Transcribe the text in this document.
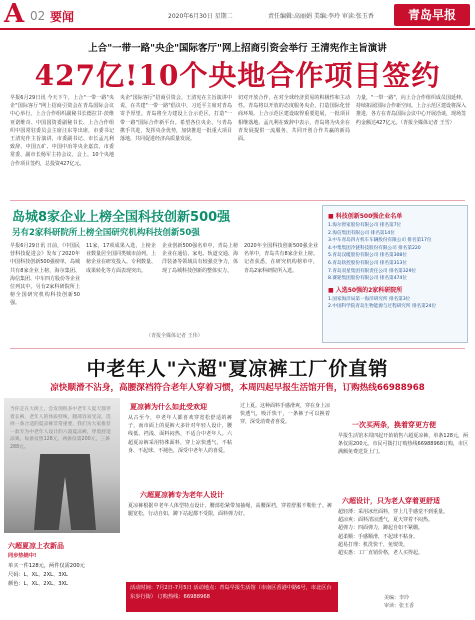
A 02 要闻	2020年6月30日 星期二	责任编辑:高丽娟 美编:李玲 审读:张玉香	青岛早报
上合"一带一路"央企"国际客厅"网上招商引资会举行 王清宪作主旨演讲
427亿!10个央地合作项目签约
早报6月29日讯 今天下午，上合"一带一路"央企"国际客厅"网上招商引资会在青岛国际会议中心举行。上合合作组织副秘书长德拉甘·茨维亚诺维奇、中国国资委副秘书长、上合合作组织中国常驻委员会主席汪东等出席，市委书记王清宪作主旨演讲，市委副书记、市长孟凡利致辞。中国五矿、中国中冶等央企嘉宾、市委常委、副市长杨军主持会议。会上，10个央地合作项目签约，总投资427亿元。
央企"国际客厅"招商引资会。王清宪在主旨演讲中说，在共建"一带一路"倡议中，习近平主席对青岛寄予厚望。青岛将全力建设上合示范区，打造"一带一路"国际合作新平台。希望各位央企、与青岛携手共进，发挥央企优势，加快推进一批重大项目落地，共同促进经济高质量发展。
切对开放合作，在对全球经济贸易的积极性和主动性。青岛将以开放的态度服务央企，打造国际化营商环境。上合示范区建设取得重要进展，一批项目相继落地。孟凡利在致辞中表示，青岛将为央企在青发展提供一流服务，共同开创合作共赢的新局面。
力量，"一带一路"，向上合合作组织成员国延伸，持续拓展国际合作新空间。上合示范区建设将深入推进，各方在青岛国际会议中心开展洽谈，现场签约金额达427亿元。（青报全媒体记者 王雪）
岛城8家企业上榜全国科技创新500强
另有2家科研院所上榜全国研究机构科技创新50强
早报6月29日讯 日前，《中国民营科技促进会》发布了2020年中国科技创新500强榜单，岛城共有8家企业上榜，海尔集团、海信集团、中车四方股份等企业位列其中。另有2家科研院所上榜全国研究机构科技创新50强。
11家，17项成果入选，上榜企业数量居全国同类城市前列。上榜企业在研发投入、专利数量、成果转化等方面表现突出。
企业创新500强名单中，青岛上榜企业在通信、家电、轨道交通、海洋装备等领域具有较强竞争力，体现了岛城科技创新的整体实力。
2020年全国科技创新500强企业名单中，青岛共有8家企业上榜。记者获悉，在研究机构榜单中，青岛2家科研院所入选。
（青报全媒体记者 王伟）
■ 科技创新500强企业名单
1.海尔智家股份有限公司 排名第7位
2.海信集团有限公司 排名第14位
3.中车青岛四方机车车辆股份有限公司 排名第17位
4.中集集团冷链科技股份有限公司 排名第220
5.青岛汉缆股份有限公司 排名第308位
6.青岛软控股份有限公司 排名第313位
7.青岛双星集团有限责任公司 排名第329位
8.赛轮集团股份有限公司 排名第474位
■ 入选50强的2家科研院所
1.国家海洋局第一海洋研究所 排名第3位
2.中国科学院青岛生物能源与过程研究所 排名第24位
中老年人"六超"夏凉裤工厂价直销
凉快顺滑不沾身，高腰深裆符合老年人穿着习惯，本周四起早报生活馆开售，订购热线66988968
当你走在大街上，会发现很多中老年人夏天都穿着长裤，老年人的体质特殊，腿部容易受凉，选择一条合适的夏凉裤非常重要，我们为大家推荐一款专为中老年人设计的六超夏凉裤，穿着舒适凉爽。每条仅售128元，两条仅需200元，三条288元。
六超夏凉上衣新品
同步热销中!
单买一件128元，两件仅需200元
尺码：L、XL、2XL、3XL
颜色：L、XL、2XL、3XL
夏凉裤为什么如此受欢迎
从古至今，中老年人都喜欢穿宽松舒适的裤子，而市面上的夏裤大多针对年轻人设计，腰线低、裆浅、面料闷热，不适合中老年人。六超夏凉裤采用特殊面料，穿上凉快透气、不粘身、不起球、不褪色，深受中老年人的喜爱。
六超夏凉裤专为老年人设计
夏凉裤根据中老年人体型特点设计，腰部松紧带加抽绳，高腰深裆，穿着舒服不勒肚子。裤腿宽松，行动自如，蹲下站起都不受限，面料弹力好。
过上夏。这种面料手感滑爽，穿在身上凉快透气，吸汗快干，一条裤子可以换着穿，深受消费者喜爱。	一次买两条，换着穿更方便
早报生活馆本周四起开始销售六超夏凉裤，单条128元，两条仅需200元。市民可拨打订购热线66988968订购，市区满额免费送货上门。
六超设计，只为老人穿着更舒适
超轻薄：采用冰丝面料，穿上几乎感觉不到重量。
超凉爽：面料清凉透气，夏天穿着不闷热。
超弹力：四面弹力，蹲起自如不紧绷。
超柔顺：手感顺滑，不起球不粘身。
超易打理：机洗快干，免熨烫。
超实惠：工厂直销价格，老人买得起。
活动时间：7月2日-7月5日 活动地点：青岛早报生活馆（市南区香港中路6号，市北区台东步行街） 订购热线：66988968	美编：李玲
审读：张玉香
